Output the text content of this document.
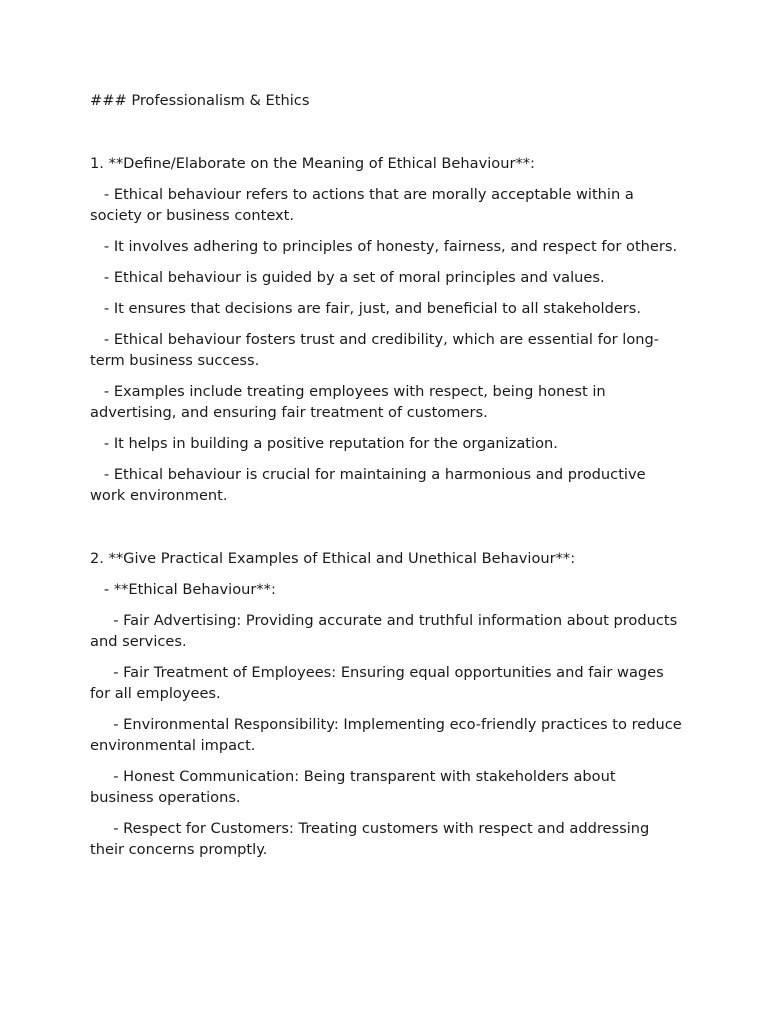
### Professionalism & Ethics
1. **Define/Elaborate on the Meaning of Ethical Behaviour**:
- Ethical behaviour refers to actions that are morally acceptable within a society or business context.
- It involves adhering to principles of honesty, fairness, and respect for others.
- Ethical behaviour is guided by a set of moral principles and values.
- It ensures that decisions are fair, just, and beneficial to all stakeholders.
- Ethical behaviour fosters trust and credibility, which are essential for long-term business success.
- Examples include treating employees with respect, being honest in advertising, and ensuring fair treatment of customers.
- It helps in building a positive reputation for the organization.
- Ethical behaviour is crucial for maintaining a harmonious and productive work environment.
2. **Give Practical Examples of Ethical and Unethical Behaviour**:
- **Ethical Behaviour**:
- Fair Advertising: Providing accurate and truthful information about products and services.
- Fair Treatment of Employees: Ensuring equal opportunities and fair wages for all employees.
- Environmental Responsibility: Implementing eco-friendly practices to reduce environmental impact.
- Honest Communication: Being transparent with stakeholders about business operations.
- Respect for Customers: Treating customers with respect and addressing their concerns promptly.
